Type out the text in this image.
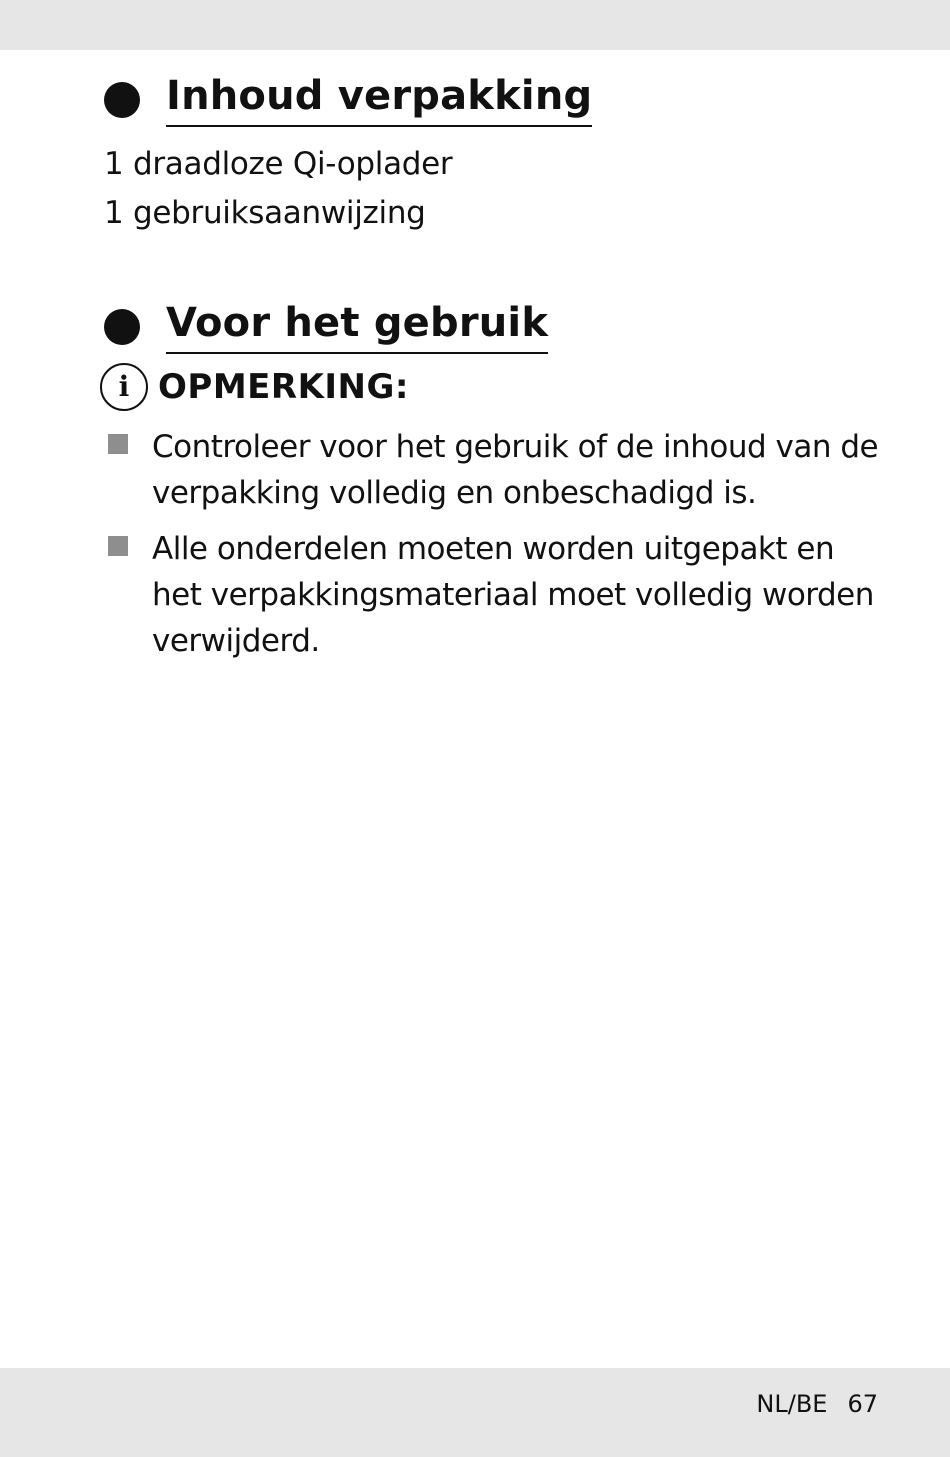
Inhoud verpakking
1 draadloze Qi-oplader
1 gebruiksaanwijzing
Voor het gebruik
i OPMERKING:
Controleer voor het gebruik of de inhoud van de verpakking volledig en onbeschadigd is.
Alle onderdelen moeten worden uitgepakt en het verpakkingsmateriaal moet volledig worden verwijderd.
NL/BE 67
